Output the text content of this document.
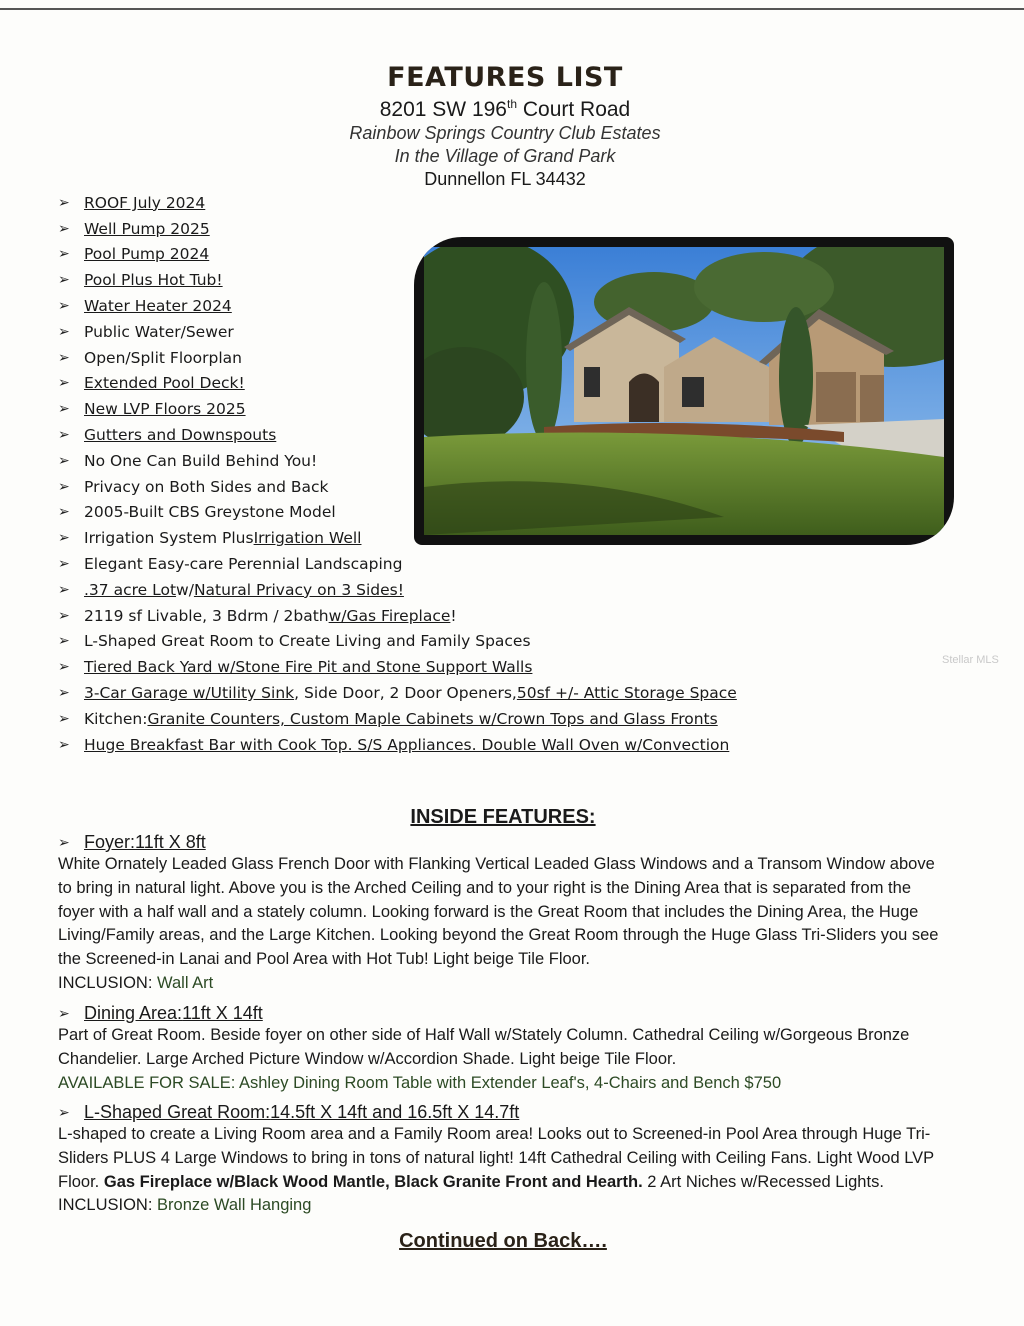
FEATURES LIST
8201 SW 196th Court Road
Rainbow Springs Country Club Estates
In the Village of Grand Park
Dunnellon FL 34432
➢ ROOF July 2024
➢ Well Pump 2025
➢ Pool Pump 2024
➢ Pool Plus Hot Tub!
➢ Water Heater 2024
➢ Public Water/Sewer
➢ Open/Split Floorplan
➢ Extended Pool Deck!
➢ New LVP Floors 2025
➢ Gutters and Downspouts
➢ No One Can Build Behind You!
➢ Privacy on Both Sides and Back
➢ 2005-Built CBS Greystone Model
➢ Irrigation System Plus Irrigation Well
➢ Elegant Easy-care Perennial Landscaping
➢ .37 acre Lot w/ Natural Privacy on 3 Sides!
➢ 2119 sf Livable, 3 Bdrm / 2bath w/Gas Fireplace !
➢ L-Shaped Great Room to Create Living and Family Spaces
➢ Tiered Back Yard w/Stone Fire Pit and Stone Support Walls
➢ 3-Car Garage w/Utility Sink , Side Door, 2 Door Openers, 50sf +/- Attic Storage Space
➢ Kitchen: Granite Counters, Custom Maple Cabinets w/Crown Tops and Glass Fronts
➢ Huge Breakfast Bar with Cook Top. S/S Appliances. Double Wall Oven w/Convection
INSIDE FEATURES:
➢ Foyer: 11ft X 8ft
White Ornately Leaded Glass French Door with Flanking Vertical Leaded Glass Windows and a Transom Window above to bring in natural light. Above you is the Arched Ceiling and to your right is the Dining Area that is separated from the foyer with a half wall and a stately column. Looking forward is the Great Room that includes the Dining Area, the Huge Living/Family areas, and the Large Kitchen. Looking beyond the Great Room through the Huge Glass Tri-Sliders you see the Screened-in Lanai and Pool Area with Hot Tub! Light beige Tile Floor.
INCLUSION: Wall Art
➢ Dining Area: 11ft X 14ft
Part of Great Room. Beside foyer on other side of Half Wall w/Stately Column. Cathedral Ceiling w/Gorgeous Bronze Chandelier. Large Arched Picture Window w/Accordion Shade. Light beige Tile Floor.
AVAILABLE FOR SALE: Ashley Dining Room Table with Extender Leaf's, 4-Chairs and Bench $750
➢ L-Shaped Great Room: 14.5ft X 14ft and 16.5ft X 14.7ft
L-shaped to create a Living Room area and a Family Room area! Looks out to Screened-in Pool Area through Huge Tri-Sliders PLUS 4 Large Windows to bring in tons of natural light! 14ft Cathedral Ceiling with Ceiling Fans. Light Wood LVP Floor. Gas Fireplace w/Black Wood Mantle, Black Granite Front and Hearth. 2 Art Niches w/Recessed Lights. INCLUSION: Bronze Wall Hanging
Continued on Back….
Stellar MLS
